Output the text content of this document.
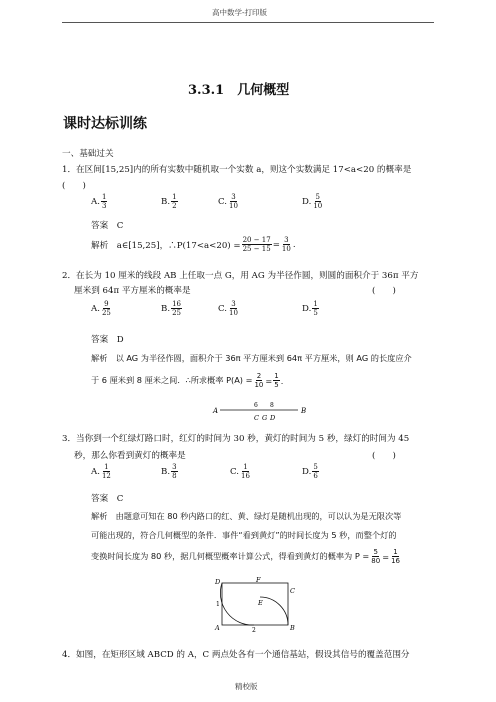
高中数学-打印版
3.3.1　几何概型
课时达标训练
一、基础过关
1．在区间[15,25]内的所有实数中随机取一个实数 a，则这个实数满足 17<a<20 的概率是
(　　)
A. $\frac{1}{3}$	B. $\frac{1}{2}$	C. $\frac{3}{10}$	D. $\frac{5}{10}$
答案　C
解析　a∈[15,25]，∴P(17<a<20) = $\frac{20 - 17}{25 - 15} = \frac{3}{10}$ .
2．在长为 10 厘米的线段 AB 上任取一点 G，用 AG 为半径作圆，则圆的面积介于 36π 平方
厘米到 64π 平方厘米的概率是	(　　)
A. $\frac{9}{25}$	B. $\frac{16}{25}$	C. $\frac{3}{10}$	D. $\frac{1}{5}$
答案　D
解析　以 AG 为半径作圆，面积介于 36π 平方厘米到 64π 平方厘米，则 AG 的长度应介
于 6 厘米到 8 厘米之间．∴所求概率 $P(A) = \frac{2}{10} = \frac{1}{5}$ .
A	B
6 8
C G D
3．当你到一个红绿灯路口时，红灯的时间为 30 秒，黄灯的时间为 5 秒，绿灯的时间为 45
秒，那么你看到黄灯的概率是	(　　)
A. $\frac{1}{12}$	B. $\frac{3}{8}$	C. $\frac{1}{16}$	D. $\frac{5}{6}$
答案　C
解析　由题意可知在 80 秒内路口的红、黄、绿灯是随机出现的，可以认为是无限次等
可能出现的，符合几何概型的条件．事件“看到黄灯”的时间长度为 5 秒，而整个灯的
变换时间长度为 80 秒，据几何概型概率计算公式，得看到黄灯的概率为 $P = \frac{5}{80} = \frac{1}{16}$
D	F
C
E
1
A	2	B
4．如图，在矩形区域 ABCD 的 A，C 两点处各有一个通信基站，假设其信号的覆盖范围分
精校版
